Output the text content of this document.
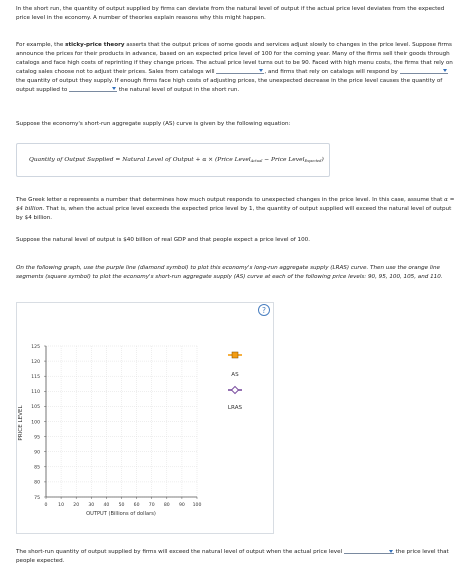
In the short run, the quantity of output supplied by firms can deviate from the natural level of output if the actual price level deviates from the expected price level in the economy. A number of theories explain reasons why this might happen.
For example, the sticky-price theory asserts that the output prices of some goods and services adjust slowly to changes in the price level. Suppose firms announce the prices for their products in advance, based on an expected price level of 100 for the coming year. Many of the firms sell their goods through catalogs and face high costs of reprinting if they change prices. The actual price level turns out to be 90. Faced with high menu costs, the firms that rely on catalog sales choose not to adjust their prices. Sales from catalogs will	, and firms that rely on catalogs will respond by  the quantity of output they supply. If enough firms face high costs of adjusting prices, the unexpected decrease in the price level causes the quantity of output supplied to	the natural level of output in the short run.
Suppose the economy's short-run aggregate supply (AS) curve is given by the following equation:
Quantity of Output Supplied = Natural Level of Output + α × (Price Level$_{Actual}$ − Price Level$_{Expected}$)
The Greek letter α represents a number that determines how much output responds to unexpected changes in the price level. In this case, assume that α = $4 billion. That is, when the actual price level exceeds the expected price level by 1, the quantity of output supplied will exceed the natural level of output by $4 billion.
Suppose the natural level of output is $40 billion of real GDP and that people expect a price level of 100.
On the following graph, use the purple line (diamond symbol) to plot this economy's long-run aggregate supply (LRAS) curve. Then use the orange line segments (square symbol) to plot the economy's short-run aggregate supply (AS) curve at each of the following price levels: 90, 95, 100, 105, and 110.
?
125
120
115
110
105
100
95
90
85
80
75
0 10 20 30 40 50 60 70 80 90 100
PRICE LEVEL
OUTPUT (Billions of dollars)
AS
LRAS
The short-run quantity of output supplied by firms will exceed the natural level of output when the actual price level	the price level that people expected.
